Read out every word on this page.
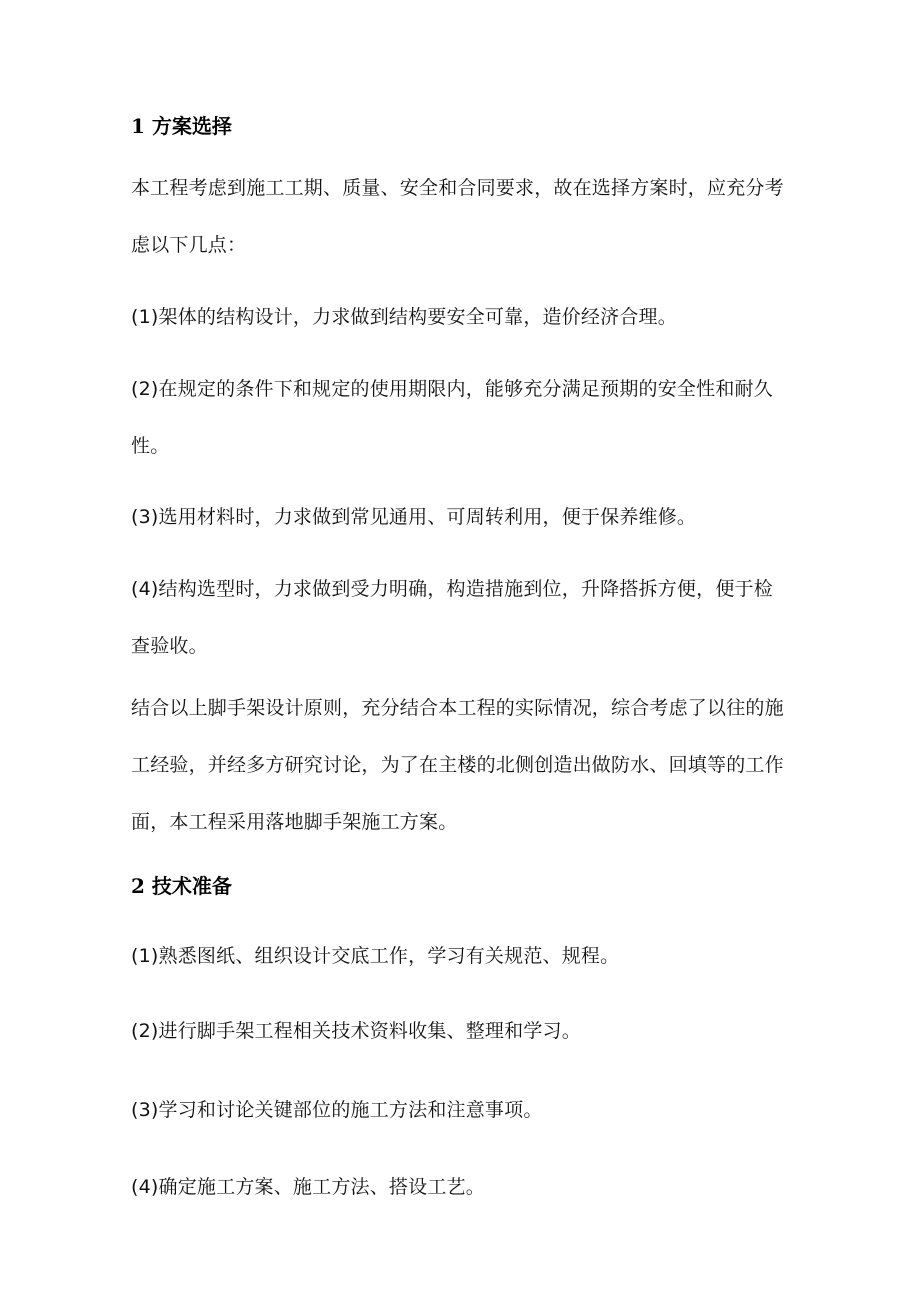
1 方案选择

本工程考虑到施工工期、质量、安全和合同要求，故在选择方案时，应充分考虑以下几点：

(1)架体的结构设计，力求做到结构要安全可靠，造价经济合理。

(2)在规定的条件下和规定的使用期限内，能够充分满足预期的安全性和耐久性。

(3)选用材料时，力求做到常见通用、可周转利用，便于保养维修。

(4)结构选型时，力求做到受力明确，构造措施到位，升降搭拆方便，便于检查验收。

结合以上脚手架设计原则，充分结合本工程的实际情况，综合考虑了以往的施工经验，并经多方研究讨论，为了在主楼的北侧创造出做防水、回填等的工作面，本工程采用落地脚手架施工方案。

2 技术准备

(1)熟悉图纸、组织设计交底工作，学习有关规范、规程。

(2)进行脚手架工程相关技术资料收集、整理和学习。

(3)学习和讨论关键部位的施工方法和注意事项。

(4)确定施工方案、施工方法、搭设工艺。
